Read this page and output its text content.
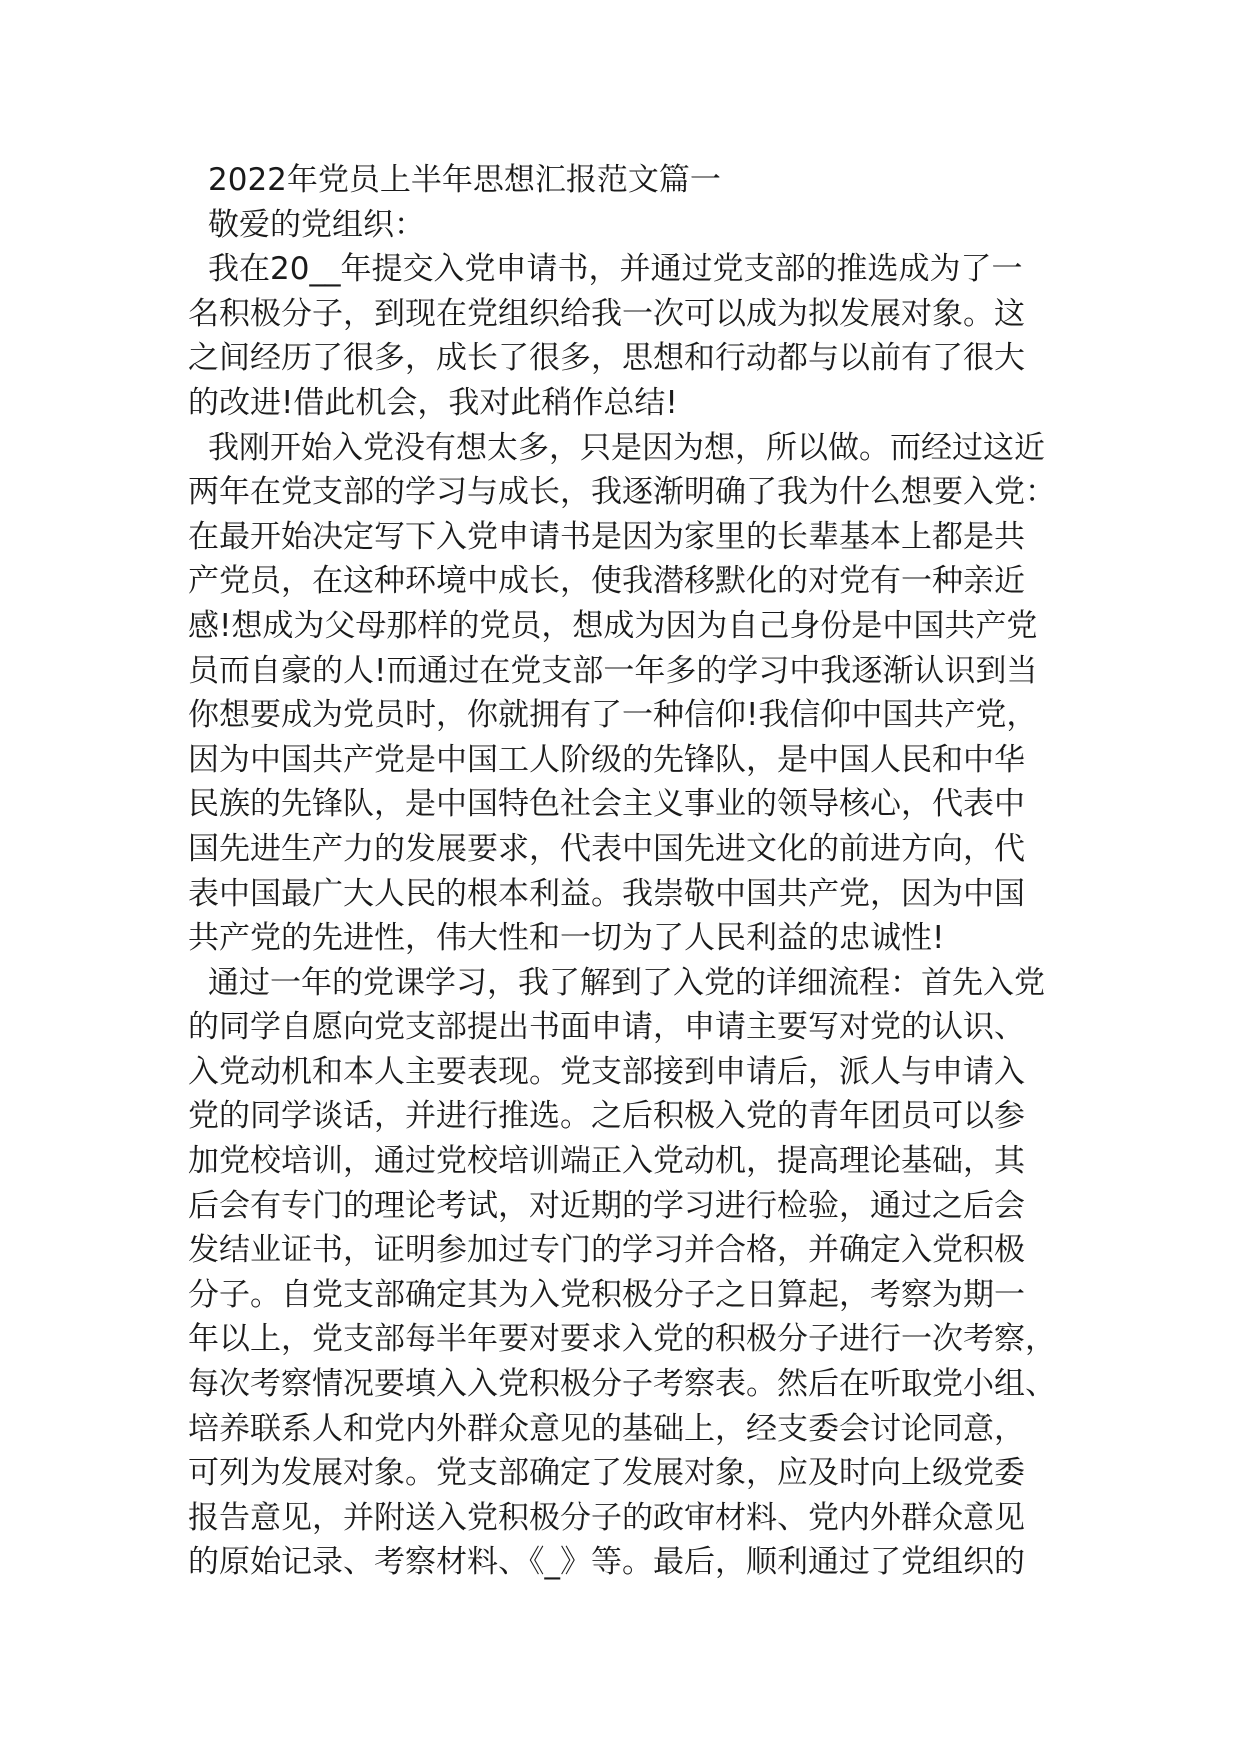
2022年党员上半年思想汇报范文篇一
敬爱的党组织：
我在20__年提交入党申请书，并通过党支部的推选成为了一
名积极分子，到现在党组织给我一次可以成为拟发展对象。这
之间经历了很多，成长了很多，思想和行动都与以前有了很大
的改进!借此机会，我对此稍作总结!
我刚开始入党没有想太多，只是因为想，所以做。而经过这近
两年在党支部的学习与成长，我逐渐明确了我为什么想要入党：
在最开始决定写下入党申请书是因为家里的长辈基本上都是共
产党员，在这种环境中成长，使我潜移默化的对党有一种亲近
感!想成为父母那样的党员，想成为因为自己身份是中国共产党
员而自豪的人!而通过在党支部一年多的学习中我逐渐认识到当
你想要成为党员时，你就拥有了一种信仰!我信仰中国共产党，
因为中国共产党是中国工人阶级的先锋队，是中国人民和中华
民族的先锋队，是中国特色社会主义事业的领导核心，代表中
国先进生产力的发展要求，代表中国先进文化的前进方向，代
表中国最广大人民的根本利益。我崇敬中国共产党，因为中国
共产党的先进性，伟大性和一切为了人民利益的忠诚性!
通过一年的党课学习，我了解到了入党的详细流程：首先入党
的同学自愿向党支部提出书面申请，申请主要写对党的认识、
入党动机和本人主要表现。党支部接到申请后，派人与申请入
党的同学谈话，并进行推选。之后积极入党的青年团员可以参
加党校培训，通过党校培训端正入党动机，提高理论基础，其
后会有专门的理论考试，对近期的学习进行检验，通过之后会
发结业证书，证明参加过专门的学习并合格，并确定入党积极
分子。自党支部确定其为入党积极分子之日算起，考察为期一
年以上，党支部每半年要对要求入党的积极分子进行一次考察，
每次考察情况要填入入党积极分子考察表。然后在听取党小组、
培养联系人和党内外群众意见的基础上，经支委会讨论同意，
可列为发展对象。党支部确定了发展对象，应及时向上级党委
报告意见，并附送入党积极分子的政审材料、党内外群众意见
的原始记录、考察材料、《_》等。最后，顺利通过了党组织的
